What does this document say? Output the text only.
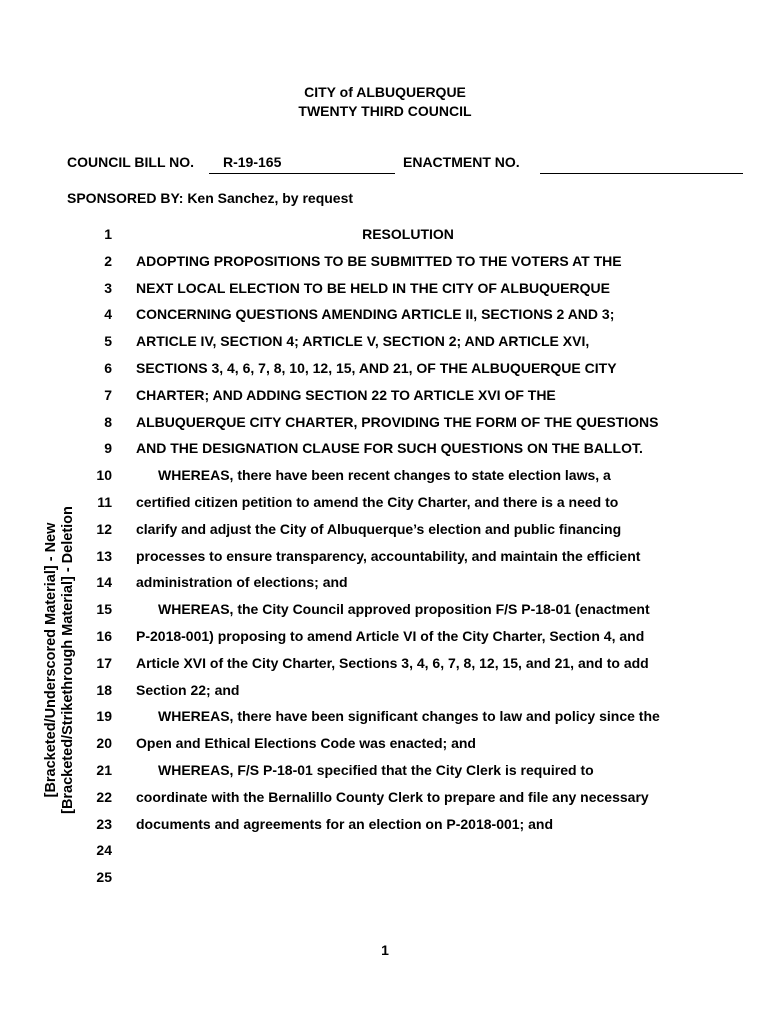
CITY of ALBUQUERQUE
TWENTY THIRD COUNCIL
COUNCIL BILL NO. R-19-165	ENACTMENT NO.
SPONSORED BY: Ken Sanchez, by request
[Bracketed/Underscored Material] - New [Bracketed/Strikethrough Material] - Deletion
1	RESOLUTION
2 ADOPTING PROPOSITIONS TO BE SUBMITTED TO THE VOTERS AT THE
3 NEXT LOCAL ELECTION TO BE HELD IN THE CITY OF ALBUQUERQUE
4 CONCERNING QUESTIONS AMENDING ARTICLE II, SECTIONS 2 AND 3;
5 ARTICLE IV, SECTION 4; ARTICLE V, SECTION 2; AND ARTICLE XVI,
6 SECTIONS 3, 4, 6, 7, 8, 10, 12, 15, AND 21, OF THE ALBUQUERQUE CITY
7 CHARTER; AND ADDING SECTION 22 TO ARTICLE XVI OF THE
8 ALBUQUERQUE CITY CHARTER, PROVIDING THE FORM OF THE QUESTIONS
9 AND THE DESIGNATION CLAUSE FOR SUCH QUESTIONS ON THE BALLOT.
10	WHEREAS, there have been recent changes to state election laws, a
11 certified citizen petition to amend the City Charter, and there is a need to
12 clarify and adjust the City of Albuquerque’s election and public financing
13 processes to ensure transparency, accountability, and maintain the efficient
14 administration of elections; and
15	WHEREAS, the City Council approved proposition F/S P-18-01 (enactment
16 P-2018-001) proposing to amend Article VI of the City Charter, Section 4, and
17 Article XVI of the City Charter, Sections 3, 4, 6, 7, 8, 12, 15, and 21, and to add
18 Section 22; and
19	WHEREAS, there have been significant changes to law and policy since the
20 Open and Ethical Elections Code was enacted; and
21	WHEREAS, F/S P-18-01 specified that the City Clerk is required to
22 coordinate with the Bernalillo County Clerk to prepare and file any necessary
23 documents and agreements for an election on P-2018-001; and
24
25
1
